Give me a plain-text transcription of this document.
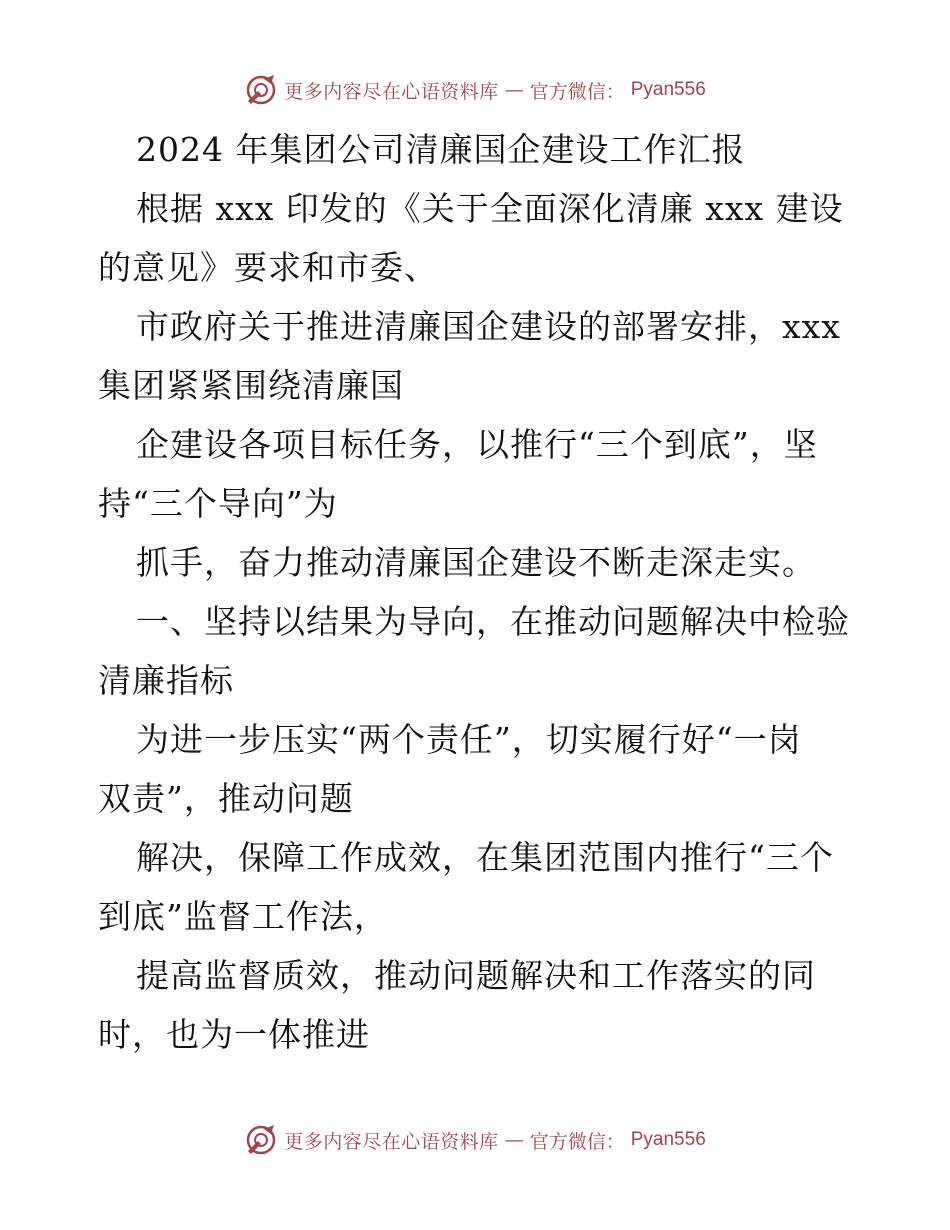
更多内容尽在心语资料库 — 官方微信： Pyan556
2024 年集团公司清廉国企建设工作汇报
根据 xxx 印发的《关于全面深化清廉 xxx 建设
的意见》要求和市委、
市政府关于推进清廉国企建设的部署安排，xxx
集团紧紧围绕清廉国
企建设各项目标任务，以推行“三个到底”，坚
持“三个导向”为
抓手，奋力推动清廉国企建设不断走深走实。
一、坚持以结果为导向，在推动问题解决中检验
清廉指标
为进一步压实“两个责任”，切实履行好“一岗
双责”，推动问题
解决，保障工作成效，在集团范围内推行“三个
到底”监督工作法，
提高监督质效，推动问题解决和工作落实的同
时，也为一体推进
更多内容尽在心语资料库 — 官方微信： Pyan556
